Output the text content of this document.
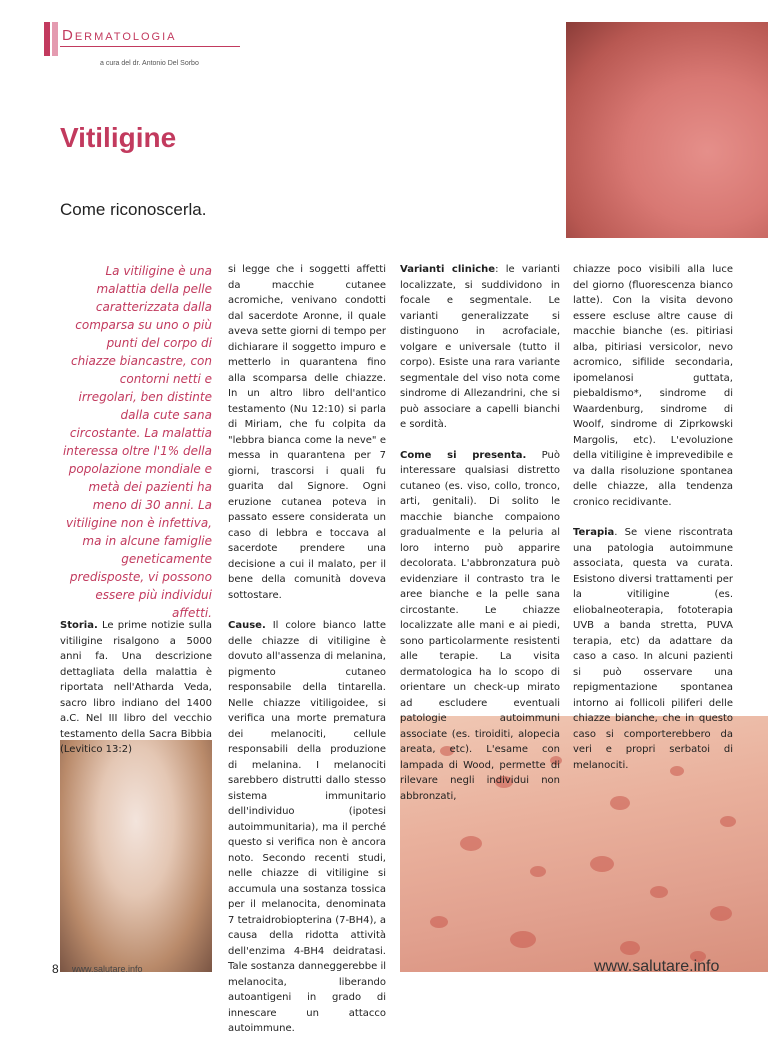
Dermatologia
a cura del dr. Antonio Del Sorbo
Vitiligine
Come riconoscerla.
La vitiligine è una malattia della pelle caratterizzata dalla comparsa su uno o più punti del corpo di chiazze biancastre, con contorni netti e irregolari, ben distinte dalla cute sana circostante. La malattia interessa oltre l'1% della popolazione mondiale e metà dei pazienti ha meno di 30 anni. La vitiligine non è infettiva, ma in alcune famiglie geneticamente predisposte, vi possono essere più individui affetti.

Storia. Le prime notizie sulla vitiligine risalgono a 5000 anni fa. Una descrizione dettagliata della malattia è riportata nell'Atharda Veda, sacro libro indiano del 1400 a.C. Nel III libro del vecchio testamento della Sacra Bibbia (Levitico 13:2)

si legge che i soggetti affetti da macchie cutanee acromiche, venivano condotti dal sacerdote Aronne, il quale aveva sette giorni di tempo per dichiarare il soggetto impuro e metterlo in quarantena fino alla scomparsa delle chiazze. In un altro libro dell'antico testamento (Nu 12:10) si parla di Miriam, che fu colpita da "lebbra bianca come la neve" e messa in quarantena per 7 giorni, trascorsi i quali fu guarita dal Signore. Ogni eruzione cutanea poteva in passato essere considerata un caso di lebbra e toccava al sacerdote prendere una decisione a cui il malato, per il bene della comunità doveva sottostare.

Cause. Il colore bianco latte delle chiazze di vitiligine è dovuto all'assenza di melanina, pigmento cutaneo responsabile della tintarella. Nelle chiazze vitiligoidee, si verifica una morte prematura dei melanociti, cellule responsabili della produzione di melanina. I melanociti sarebbero distrutti dallo stesso sistema immunitario dell'individuo (ipotesi autoimmunitaria), ma il perché questo si verifica non è ancora noto. Secondo recenti studi, nelle chiazze di vitiligine si accumula una sostanza tossica per il melanocita, denominata 7 tetraidrobiopterina (7-BH4), a causa della ridotta attività dell'enzima 4-BH4 deidratasi. Tale sostanza danneggerebbe il melanocita, liberando autoantigeni in grado di innescare un attacco autoimmune.

Varianti cliniche: le varianti localizzate, si suddividono in focale e segmentale. Le varianti generalizzate si distinguono in acrofaciale, volgare e universale (tutto il corpo). Esiste una rara variante segmentale del viso nota come sindrome di Allezandrini, che si può associare a capelli bianchi e sordità.

Come si presenta. Può interessare qualsiasi distretto cutaneo (es. viso, collo, tronco, arti, genitali). Di solito le macchie bianche compaiono gradualmente e la peluria al loro interno può apparire decolorata. L'abbronzatura può evidenziare il contrasto tra le aree bianche e la pelle sana circostante. Le chiazze localizzate alle mani e ai piedi, sono particolarmente resistenti alle terapie. La visita dermatologica ha lo scopo di orientare un check-up mirato ad escludere eventuali patologie autoimmuni associate (es. tiroiditi, alopecia areata, etc). L'esame con lampada di Wood, permette di rilevare negli individui non abbronzati,

chiazze poco visibili alla luce del giorno (fluorescenza bianco latte). Con la visita devono essere escluse altre cause di macchie bianche (es. pitiriasi alba, pitiriasi versicolor, nevo acromico, sifilide secondaria, ipomelanosi guttata, piebaldismo*, sindrome di Waardenburg, sindrome di Woolf, sindrome di Ziprkowski Margolis, etc). L'evoluzione della vitiligine è imprevedibile e va dalla risoluzione spontanea delle chiazze, alla tendenza cronico recidivante.

Terapia. Se viene riscontrata una patologia autoimmune associata, questa va curata. Esistono diversi trattamenti per la vitiligine (es. eliobalneoterapia, fototerapia UVB a banda stretta, PUVA terapia, etc) da adattare da caso a caso. In alcuni pazienti si può osservare una repigmentazione spontanea intorno ai follicoli piliferi delle chiazze bianche, che in questo caso si comporterebbero da veri e propri serbatoi di melanociti.

8 www.salutare.info	www.salutare.info
